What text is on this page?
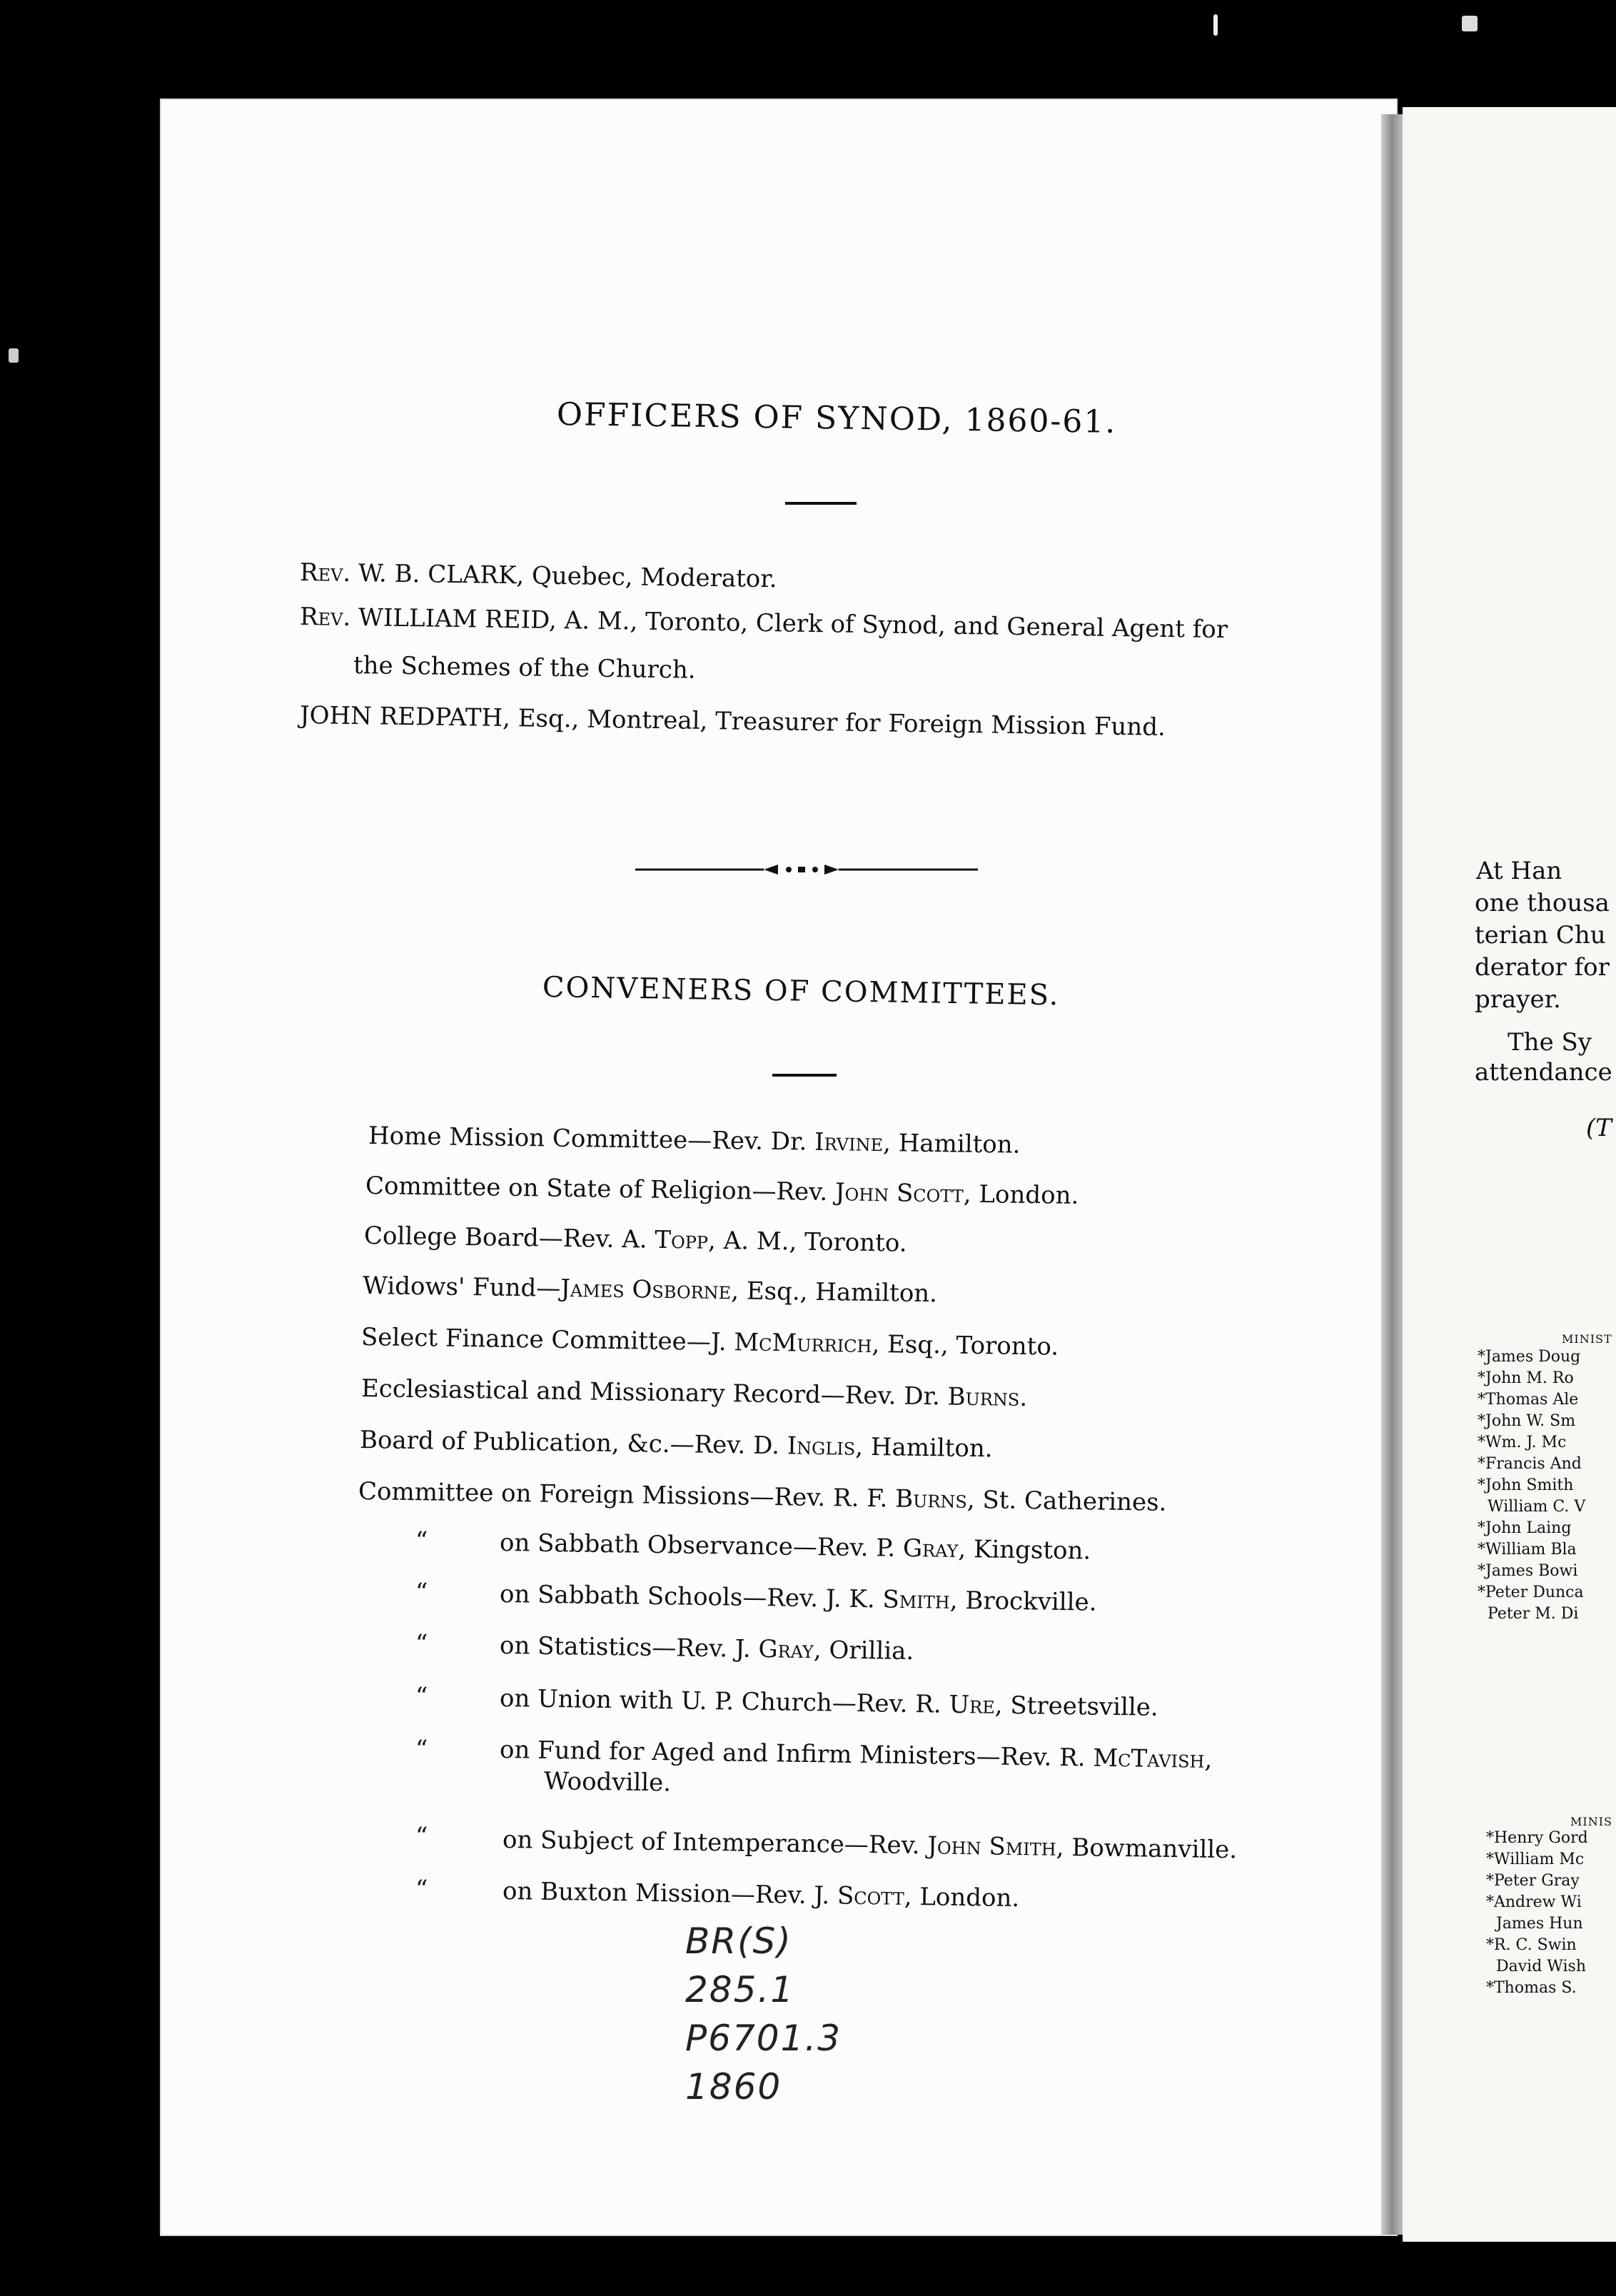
OFFICERS OF SYNOD, 1860-61.
Rev. W. B. CLARK, Quebec, Moderator.
Rev. WILLIAM REID, A. M., Toronto, Clerk of Synod, and General Agent for
the Schemes of the Church.
JOHN REDPATH, Esq., Montreal, Treasurer for Foreign Mission Fund.
CONVENERS OF COMMITTEES.
Home Mission Committee—Rev. Dr. Irvine, Hamilton.
Committee on State of Religion—Rev. John Scott, London.
College Board—Rev. A. Topp, A. M., Toronto.
Widows' Fund—James Osborne, Esq., Hamilton.
Select Finance Committee—J. McMurrich, Esq., Toronto.
Ecclesiastical and Missionary Record—Rev. Dr. Burns.
Board of Publication, &c.—Rev. D. Inglis, Hamilton.
Committee on Foreign Missions—Rev. R. F. Burns, St. Catherines.
“
“
“
“
“
“
“
on Sabbath Observance—Rev. P. Gray, Kingston.
on Sabbath Schools—Rev. J. K. Smith, Brockville.
on Statistics—Rev. J. Gray, Orillia.
on Union with U. P. Church—Rev. R. Ure, Streetsville.
on Fund for Aged and Infirm Ministers—Rev. R. McTavish,
Woodville.
on Subject of Intemperance—Rev. John Smith, Bowmanville.
on Buxton Mission—Rev. J. Scott, London.
BR(S)
285.1
P6701.3
1860
At Han
one thousa
terian Chu
derator for
prayer.
The Sy
attendance
(T
MINIST
*James Doug
*John M. Ro
*Thomas Ale
*John W. Sm
*Wm. J. Mc
*Francis And
*John Smith
William C. V
*John Laing
*William Bla
*James Bowi
*Peter Dunca
Peter M. Di
MINIS
*Henry Gord
*William Mc
*Peter Gray
*Andrew Wi
James Hun
*R. C. Swin
David Wish
*Thomas S.
